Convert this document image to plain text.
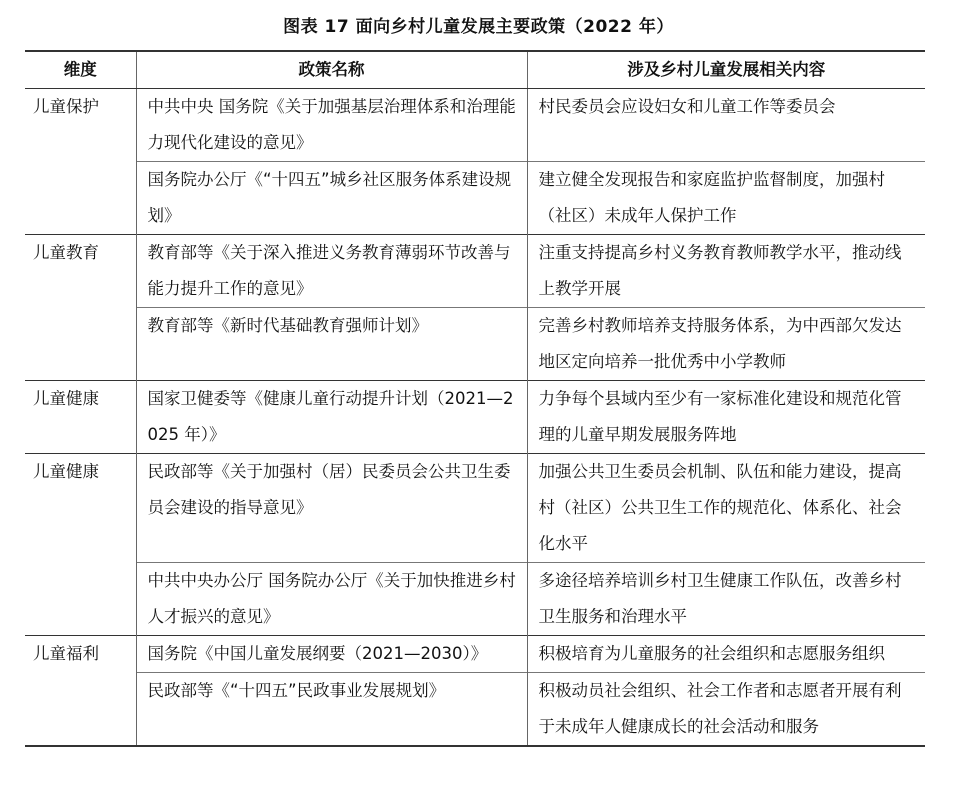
图表 17 面向乡村儿童发展主要政策（2022 年）
维度	政策名称	涉及乡村儿童发展相关内容
儿童保护	中共中央 国务院《关于加强基层治理体系和治理能力现代化建设的意见》	村民委员会应设妇女和儿童工作等委员会
	国务院办公厅《“十四五”城乡社区服务体系建设规划》	建立健全发现报告和家庭监护监督制度，加强村（社区）未成年人保护工作
儿童教育	教育部等《关于深入推进义务教育薄弱环节改善与能力提升工作的意见》	注重支持提高乡村义务教育教师教学水平，推动线上教学开展
	教育部等《新时代基础教育强师计划》	完善乡村教师培养支持服务体系，为中西部欠发达地区定向培养一批优秀中小学教师
儿童健康	国家卫健委等《健康儿童行动提升计划（2021—2025 年）》	力争每个县域内至少有一家标准化建设和规范化管理的儿童早期发展服务阵地
儿童健康	民政部等《关于加强村（居）民委员会公共卫生委员会建设的指导意见》	加强公共卫生委员会机制、队伍和能力建设，提高村（社区）公共卫生工作的规范化、体系化、社会化水平
	中共中央办公厅 国务院办公厅《关于加快推进乡村人才振兴的意见》	多途径培养培训乡村卫生健康工作队伍，改善乡村卫生服务和治理水平
儿童福利	国务院《中国儿童发展纲要（2021—2030）》	积极培育为儿童服务的社会组织和志愿服务组织
	民政部等《“十四五”民政事业发展规划》	积极动员社会组织、社会工作者和志愿者开展有利于未成年人健康成长的社会活动和服务
